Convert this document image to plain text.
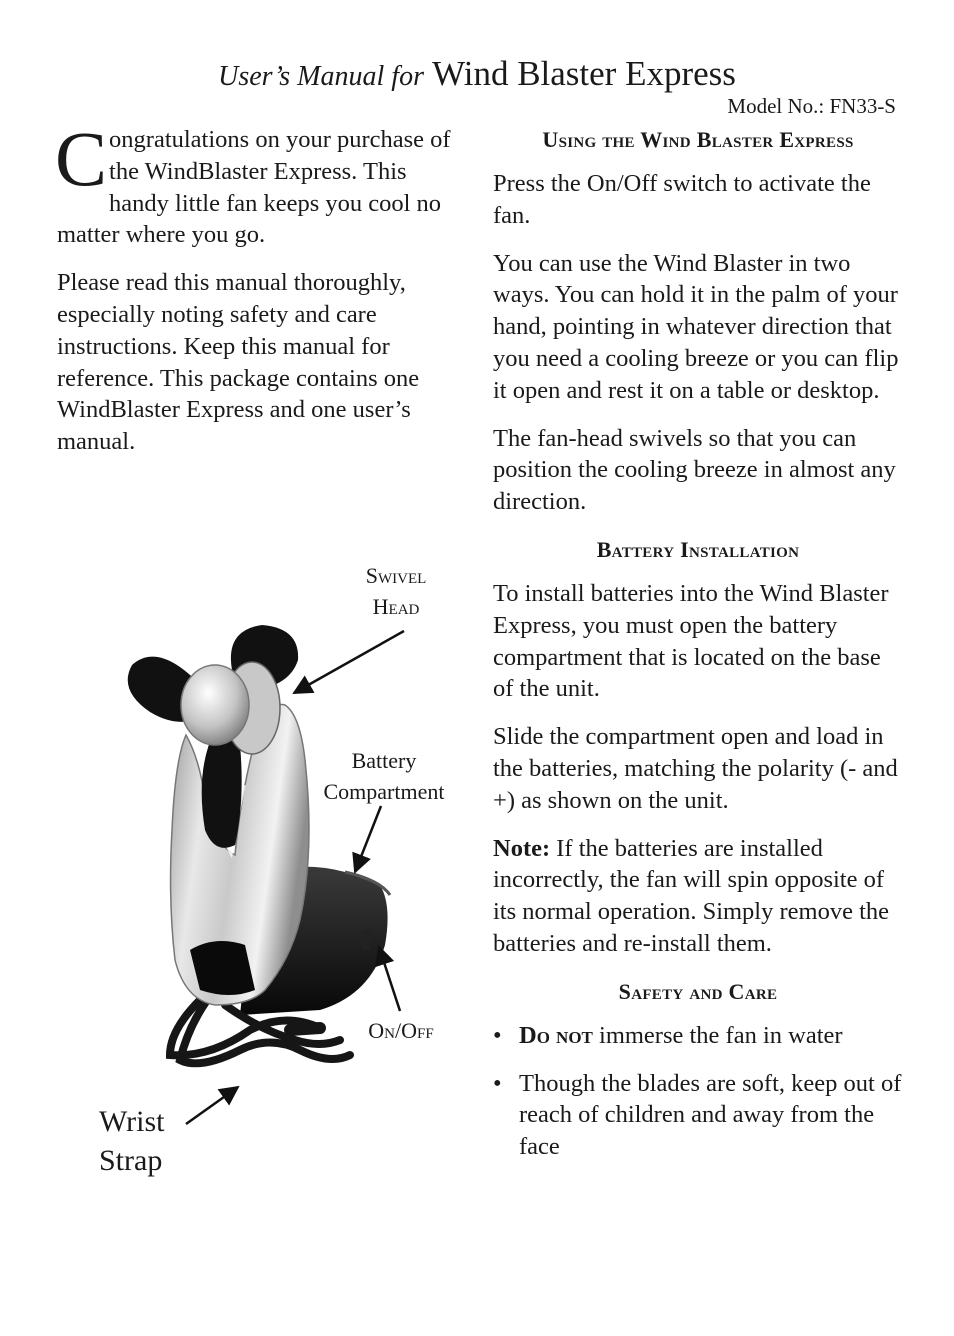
User’s Manual for Wind Blaster Express
Model No.: FN33-S

Congratulations on your purchase of the WindBlaster Express. This handy little fan keeps you cool no matter where you go.

Please read this manual thoroughly, especially noting safety and care instructions. Keep this manual for reference. This package contains one WindBlaster Express and one user’s manual.

Swivel
Head
Battery
Compartment
On/Off
Wrist
Strap
Using the Wind Blaster Express

Press the On/Off switch to activate the fan.

You can use the Wind Blaster in two ways. You can hold it in the palm of your hand, pointing in whatever direction that you need a cooling breeze or you can flip it open and rest it on a table or desktop.

The fan-head swivels so that you can position the cooling breeze in almost any direction.

Battery Installation

To install batteries into the Wind Blaster Express, you must open the battery compartment that is located on the base of the unit.

Slide the compartment open and load in the batteries, matching the polarity (- and +) as shown on the unit.

Note: If the batteries are installed incorrectly, the fan will spin opposite of its normal operation. Simply remove the batteries and re-install them.

Safety and Care
• Do not immerse the fan in water
• Though the blades are soft, keep out of reach of children and away from the face
